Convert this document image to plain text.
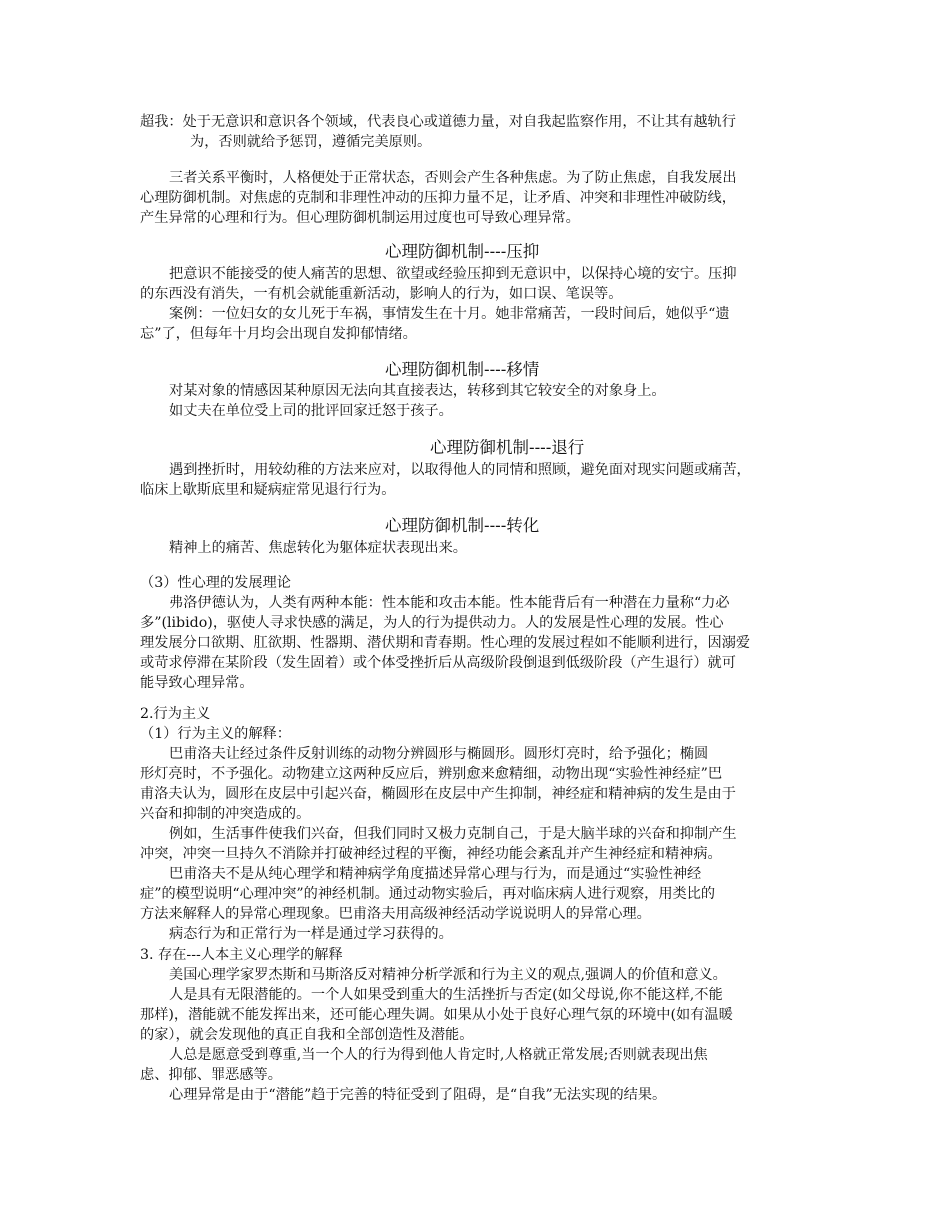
超我：处于无意识和意识各个领域，代表良心或道德力量，对自我起监察作用，不让其有越轨行
为，否则就给予惩罚，遵循完美原则。
三者关系平衡时，人格便处于正常状态，否则会产生各种焦虑。为了防止焦虑，自我发展出
心理防御机制。对焦虑的克制和非理性冲动的压抑力量不足，让矛盾、冲突和非理性冲破防线，
产生异常的心理和行为。但心理防御机制运用过度也可导致心理异常。
心理防御机制----压抑
把意识不能接受的使人痛苦的思想、欲望或经验压抑到无意识中，以保持心境的安宁。压抑
的东西没有消失，一有机会就能重新活动，影响人的行为，如口误、笔误等。
案例：一位妇女的女儿死于车祸，事情发生在十月。她非常痛苦，一段时间后，她似乎“遗
忘”了，但每年十月均会出现自发抑郁情绪。
心理防御机制----移情
对某对象的情感因某种原因无法向其直接表达，转移到其它较安全的对象身上。
如丈夫在单位受上司的批评回家迁怒于孩子。
心理防御机制----退行
遇到挫折时，用较幼稚的方法来应对，以取得他人的同情和照顾，避免面对现实问题或痛苦，
临床上歇斯底里和疑病症常见退行行为。
心理防御机制----转化
精神上的痛苦、焦虑转化为躯体症状表现出来。
（3）性心理的发展理论
弗洛伊德认为，人类有两种本能：性本能和攻击本能。性本能背后有一种潜在力量称“力必
多”(libido)，驱使人寻求快感的满足，为人的行为提供动力。人的发展是性心理的发展。性心
理发展分口欲期、肛欲期、性器期、潜伏期和青春期。性心理的发展过程如不能顺利进行，因溺爱
或苛求停滞在某阶段（发生固着）或个体受挫折后从高级阶段倒退到低级阶段（产生退行）就可
能导致心理异常。
2.行为主义
（1）行为主义的解释：
巴甫洛夫让经过条件反射训练的动物分辨圆形与椭圆形。圆形灯亮时，给予强化；椭圆
形灯亮时，不予强化。动物建立这两种反应后，辨别愈来愈精细，动物出现“实验性神经症”巴
甫洛夫认为，圆形在皮层中引起兴奋，椭圆形在皮层中产生抑制，神经症和精神病的发生是由于
兴奋和抑制的冲突造成的。
例如，生活事件使我们兴奋，但我们同时又极力克制自己，于是大脑半球的兴奋和抑制产生
冲突，冲突一旦持久不消除并打破神经过程的平衡，神经功能会紊乱并产生神经症和精神病。
巴甫洛夫不是从纯心理学和精神病学角度描述异常心理与行为，而是通过“实验性神经
症”的模型说明“心理冲突”的神经机制。通过动物实验后，再对临床病人进行观察，用类比的
方法来解释人的异常心理现象。巴甫洛夫用高级神经活动学说说明人的异常心理。
病态行为和正常行为一样是通过学习获得的。
3. 存在---人本主义心理学的解释
美国心理学家罗杰斯和马斯洛反对精神分析学派和行为主义的观点,强调人的价值和意义。
人是具有无限潜能的。一个人如果受到重大的生活挫折与否定(如父母说,你不能这样,不能
那样)，潜能就不能发挥出来，还可能心理失调。如果从小处于良好心理气氛的环境中(如有温暖
的家），就会发现他的真正自我和全部创造性及潜能。
人总是愿意受到尊重,当一个人的行为得到他人肯定时,人格就正常发展;否则就表现出焦
虑、抑郁、罪恶感等。
心理异常是由于“潜能”趋于完善的特征受到了阻碍，是“自我”无法实现的结果。
